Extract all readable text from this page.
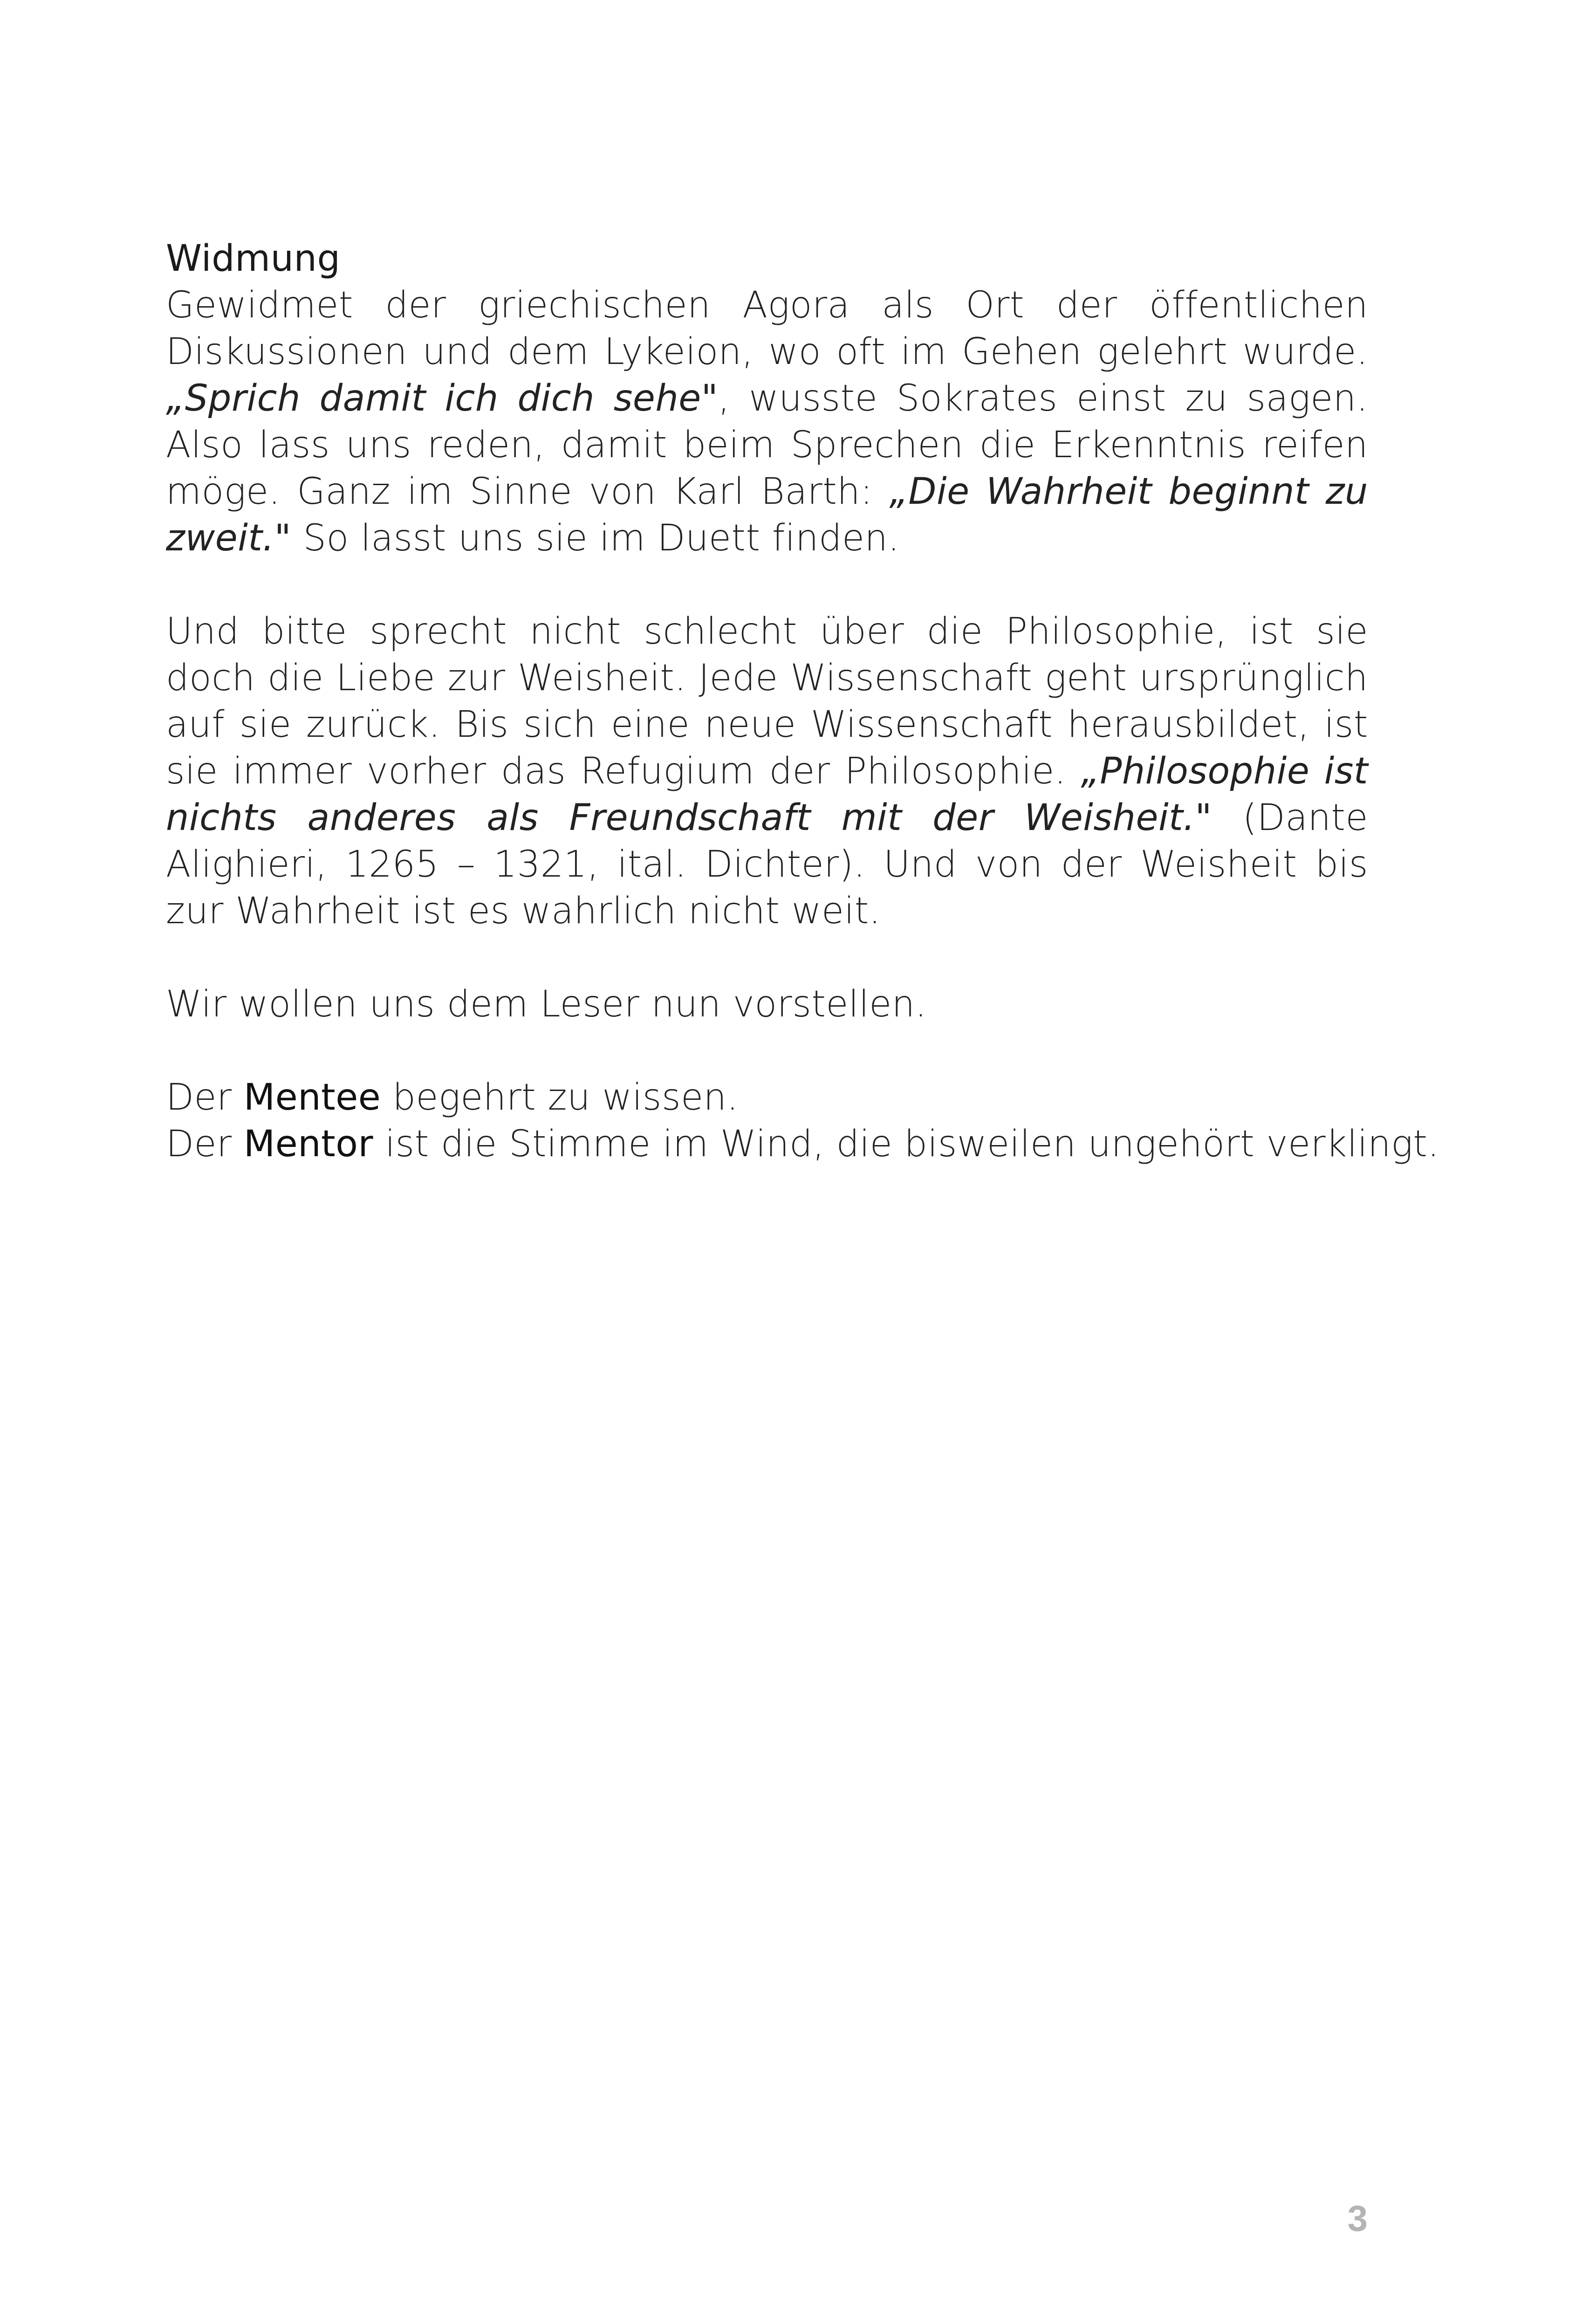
Widmung

Gewidmet der griechischen Agora als Ort der öffentlichen Diskussionen und dem Lykeion, wo oft im Gehen gelehrt wurde. „Sprich damit ich dich sehe", wusste Sokrates einst zu sagen. Also lass uns reden, damit beim Sprechen die Erkenntnis reifen möge. Ganz im Sinne von Karl Barth: „Die Wahrheit beginnt zu zweit." So lasst uns sie im Duett finden.

Und bitte sprecht nicht schlecht über die Philosophie, ist sie doch die Liebe zur Weisheit. Jede Wissenschaft geht ursprünglich auf sie zurück. Bis sich eine neue Wissenschaft herausbildet, ist sie immer vorher das Refugium der Philosophie. „Philosophie ist nichts anderes als Freundschaft mit der Weisheit." (Dante Alighieri, 1265 – 1321, ital. Dichter). Und von der Weisheit bis zur Wahrheit ist es wahrlich nicht weit.

Wir wollen uns dem Leser nun vorstellen.

Der Mentee begehrt zu wissen.

Der Mentor ist die Stimme im Wind, die bisweilen ungehört verklingt.

3
